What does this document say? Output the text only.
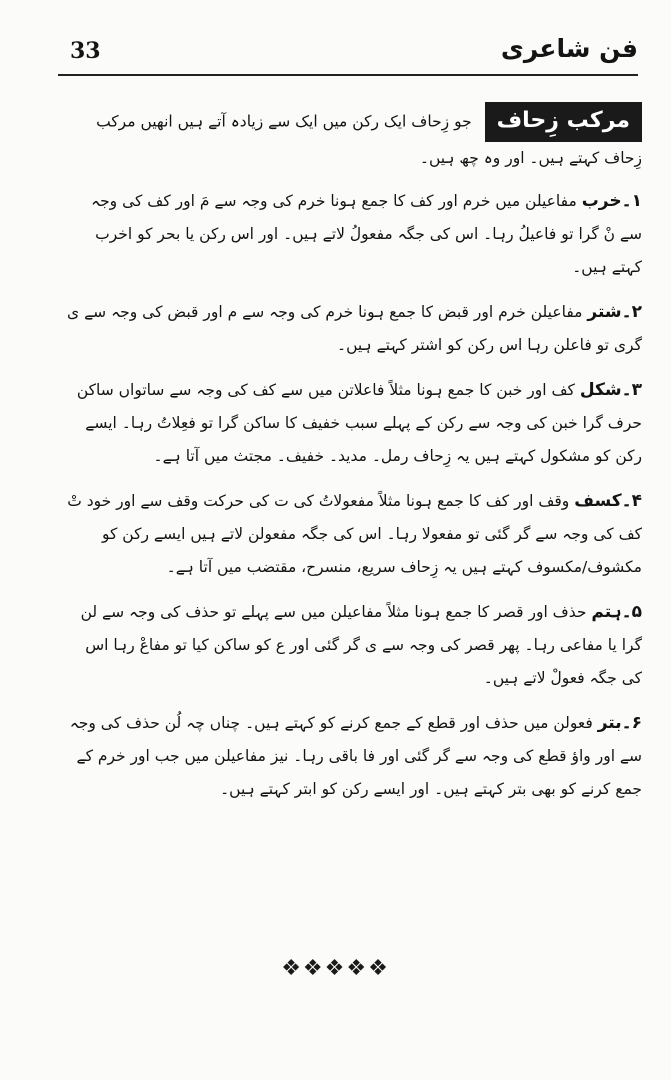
33	فن شاعری

مرکب زِحاف جو زِحاف ایک رکن میں ایک سے زیادہ آتے ہیں انھیں مرکب زِحاف کہتے ہیں۔ اور وہ چھ ہیں۔

۱۔خرب مفاعیلن میں خرم اور کف کا جمع ہونا خرم کی وجہ سے مَ اور کف کی وجہ سے نْ گرا تو فاعیلُ رہا۔ اس کی جگہ مفعولُ لاتے ہیں۔ اور اس رکن یا بحر کو اخرب کہتے ہیں۔

۲۔شتر مفاعیلن خرم اور قبض کا جمع ہونا خرم کی وجہ سے م اور قبض کی وجہ سے ی گری تو فاعلن رہا اس رکن کو اشتر کہتے ہیں۔

۳۔شکل کف اور خبن کا جمع ہونا مثلاً فاعلاتن میں سے کف کی وجہ سے ساتواں ساکن حرف گرا خبن کی وجہ سے رکن کے پہلے سبب خفیف کا ساکن گرا تو فعِلاتُ رہا۔ ایسے رکن کو مشکول کہتے ہیں یہ زِحاف رمل۔ مدید۔ خفیف۔ مجتث میں آتا ہے۔

۴۔کسف وقف اور کف کا جمع ہونا مثلاً مفعولاتُ کی ت کی حرکت وقف سے اور خود تْ کف کی وجہ سے گر گئی تو مفعولا رہا۔ اس کی جگہ مفعولن لاتے ہیں ایسے رکن کو مکشوف/مکسوف کہتے ہیں یہ زِحاف سریع، منسرح، مقتضب میں آتا ہے۔

۵۔ہتم حذف اور قصر کا جمع ہونا مثلاً مفاعیلن میں سے پہلے تو حذف کی وجہ سے لن گرا یا مفاعی رہا۔ پھر قصر کی وجہ سے ی گر گئی اور ع کو ساکن کیا تو مفاعْ رہا اس کی جگہ فعولْ لاتے ہیں۔

۶۔بتر فعولن میں حذف اور قطع کے جمع کرنے کو کہتے ہیں۔ چناں چہ لُن حذف کی وجہ سے اور واؤ قطع کی وجہ سے گر گئی اور فا باقی رہا۔ نیز مفاعیلن میں جب اور خرم کے جمع کرنے کو بھی بتر کہتے ہیں۔ اور ایسے رکن کو ابتر کہتے ہیں۔

❖❖❖❖❖
